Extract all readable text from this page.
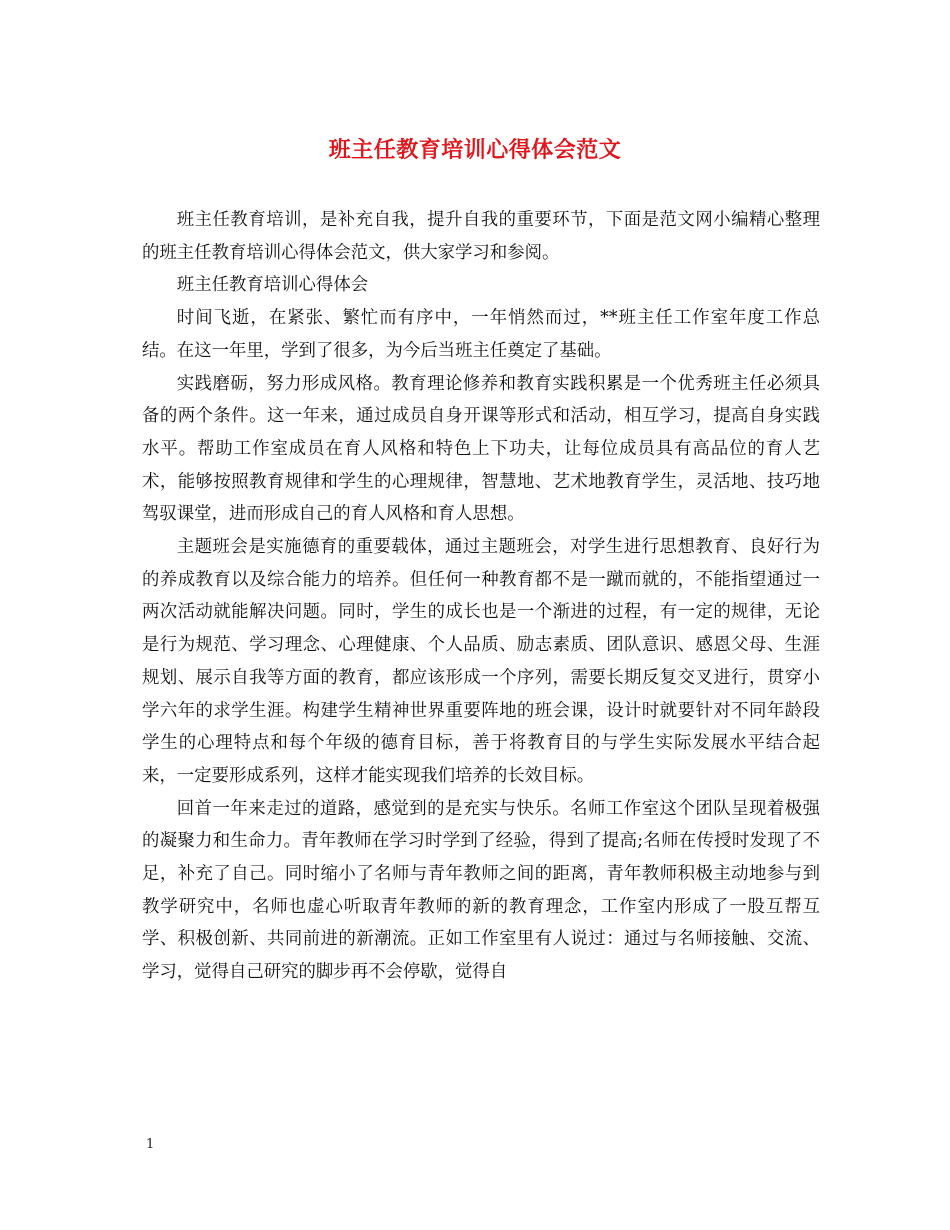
班主任教育培训心得体会范文

班主任教育培训，是补充自我，提升自我的重要环节，下面是范文网小编精心整理的班主任教育培训心得体会范文，供大家学习和参阅。

班主任教育培训心得体会

时间飞逝，在紧张、繁忙而有序中，一年悄然而过，**班主任工作室年度工作总结。在这一年里，学到了很多，为今后当班主任奠定了基础。

实践磨砺，努力形成风格。教育理论修养和教育实践积累是一个优秀班主任必须具备的两个条件。这一年来，通过成员自身开课等形式和活动，相互学习，提高自身实践水平。帮助工作室成员在育人风格和特色上下功夫，让每位成员具有高品位的育人艺术，能够按照教育规律和学生的心理规律，智慧地、艺术地教育学生，灵活地、技巧地驾驭课堂，进而形成自己的育人风格和育人思想。

主题班会是实施德育的重要载体，通过主题班会，对学生进行思想教育、良好行为的养成教育以及综合能力的培养。但任何一种教育都不是一蹴而就的，不能指望通过一两次活动就能解决问题。同时，学生的成长也是一个渐进的过程，有一定的规律，无论是行为规范、学习理念、心理健康、个人品质、励志素质、团队意识、感恩父母、生涯规划、展示自我等方面的教育，都应该形成一个序列，需要长期反复交叉进行，贯穿小学六年的求学生涯。构建学生精神世界重要阵地的班会课，设计时就要针对不同年龄段学生的心理特点和每个年级的德育目标，善于将教育目的与学生实际发展水平结合起来，一定要形成系列，这样才能实现我们培养的长效目标。

回首一年来走过的道路，感觉到的是充实与快乐。名师工作室这个团队呈现着极强的凝聚力和生命力。青年教师在学习时学到了经验，得到了提高;名师在传授时发现了不足，补充了自己。同时缩小了名师与青年教师之间的距离，青年教师积极主动地参与到教学研究中，名师也虚心听取青年教师的新的教育理念，工作室内形成了一股互帮互学、积极创新、共同前进的新潮流。正如工作室里有人说过：通过与名师接触、交流、学习，觉得自己研究的脚步再不会停歇，觉得自

1
